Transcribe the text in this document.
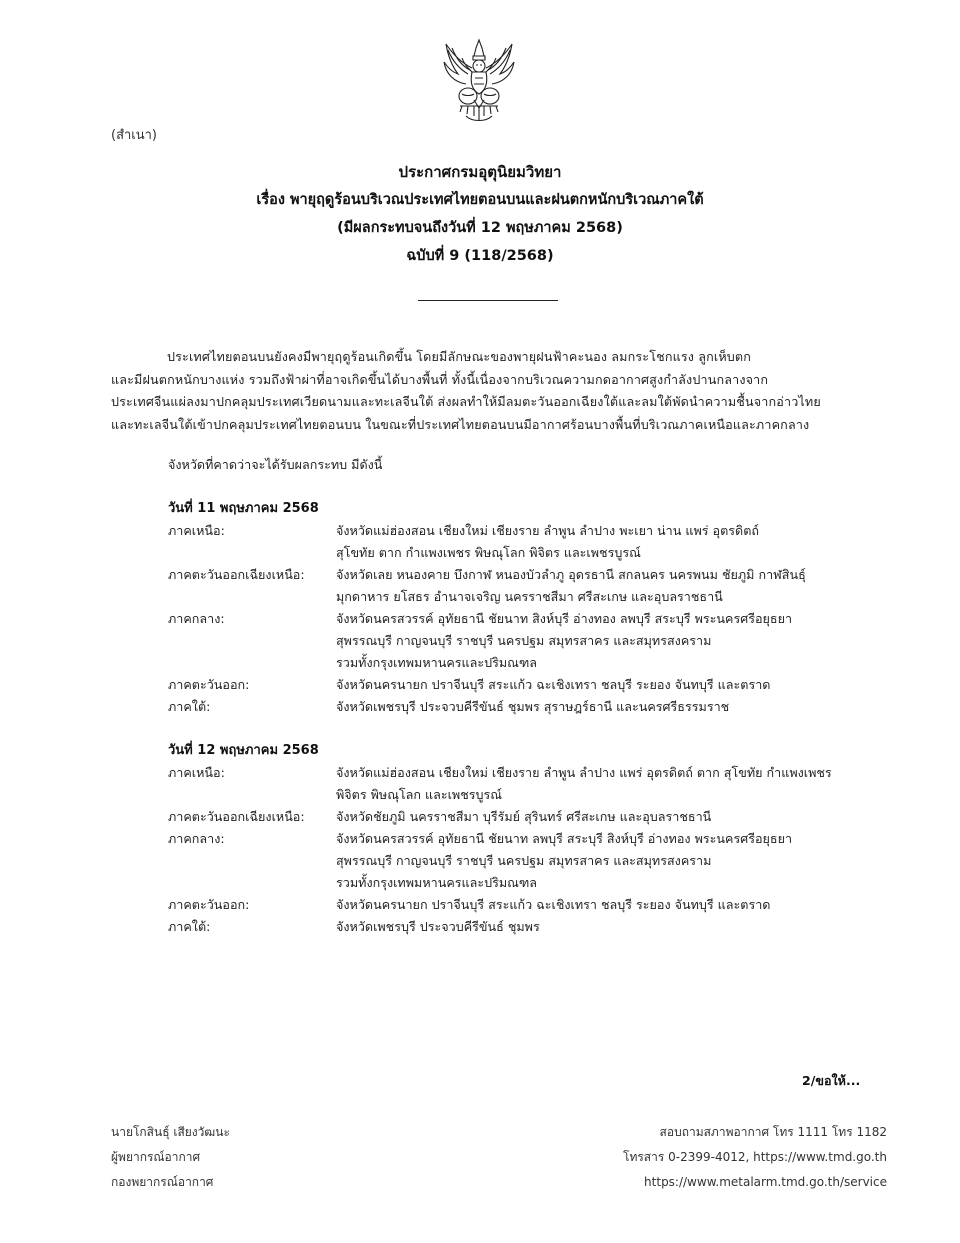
(สำเนา)
ประกาศกรมอุตุนิยมวิทยา
เรื่อง พายุฤดูร้อนบริเวณประเทศไทยตอนบนและฝนตกหนักบริเวณภาคใต้
(มีผลกระทบจนถึงวันที่ 12 พฤษภาคม 2568)
ฉบับที่ 9 (118/2568)
ประเทศไทยตอนบนยังคงมีพายุฤดูร้อนเกิดขึ้น โดยมีลักษณะของพายุฝนฟ้าคะนอง ลมกระโชกแรง ลูกเห็บตก
และมีฝนตกหนักบางแห่ง รวมถึงฟ้าผ่าที่อาจเกิดขึ้นได้บางพื้นที่ ทั้งนี้เนื่องจากบริเวณความกดอากาศสูงกำลังปานกลางจาก
ประเทศจีนแผ่ลงมาปกคลุมประเทศเวียดนามและทะเลจีนใต้ ส่งผลทำให้มีลมตะวันออกเฉียงใต้และลมใต้พัดนำความชื้นจากอ่าวไทย
และทะเลจีนใต้เข้าปกคลุมประเทศไทยตอนบน ในขณะที่ประเทศไทยตอนบนมีอากาศร้อนบางพื้นที่บริเวณภาคเหนือและภาคกลาง
จังหวัดที่คาดว่าจะได้รับผลกระทบ มีดังนี้
วันที่ 11 พฤษภาคม 2568
ภาคเหนือ:	จังหวัดแม่ฮ่องสอน เชียงใหม่ เชียงราย ลำพูน ลำปาง พะเยา น่าน แพร่ อุตรดิตถ์
สุโขทัย ตาก กำแพงเพชร พิษณุโลก พิจิตร และเพชรบูรณ์
ภาคตะวันออกเฉียงเหนือ:	จังหวัดเลย หนองคาย บึงกาฬ หนองบัวลำภู อุดรธานี สกลนคร นครพนม ชัยภูมิ กาฬสินธุ์
มุกดาหาร ยโสธร อำนาจเจริญ นครราชสีมา ศรีสะเกษ และอุบลราชธานี
ภาคกลาง:	จังหวัดนครสวรรค์ อุทัยธานี ชัยนาท สิงห์บุรี อ่างทอง ลพบุรี สระบุรี พระนครศรีอยุธยา
สุพรรณบุรี กาญจนบุรี ราชบุรี นครปฐม สมุทรสาคร และสมุทรสงคราม
รวมทั้งกรุงเทพมหานครและปริมณฑล
ภาคตะวันออก:	จังหวัดนครนายก ปราจีนบุรี สระแก้ว ฉะเชิงเทรา ชลบุรี ระยอง จันทบุรี และตราด
ภาคใต้:	จังหวัดเพชรบุรี ประจวบคีรีขันธ์ ชุมพร สุราษฎร์ธานี และนครศรีธรรมราช
วันที่ 12 พฤษภาคม 2568
ภาคเหนือ:	จังหวัดแม่ฮ่องสอน เชียงใหม่ เชียงราย ลำพูน ลำปาง แพร่ อุตรดิตถ์ ตาก สุโขทัย กำแพงเพชร
พิจิตร พิษณุโลก และเพชรบูรณ์
ภาคตะวันออกเฉียงเหนือ:	จังหวัดชัยภูมิ นครราชสีมา บุรีรัมย์ สุรินทร์ ศรีสะเกษ และอุบลราชธานี
ภาคกลาง:	จังหวัดนครสวรรค์ อุทัยธานี ชัยนาท ลพบุรี สระบุรี สิงห์บุรี อ่างทอง พระนครศรีอยุธยา
สุพรรณบุรี กาญจนบุรี ราชบุรี นครปฐม สมุทรสาคร และสมุทรสงคราม
รวมทั้งกรุงเทพมหานครและปริมณฑล
ภาคตะวันออก:	จังหวัดนครนายก ปราจีนบุรี สระแก้ว ฉะเชิงเทรา ชลบุรี ระยอง จันทบุรี และตราด
ภาคใต้:	จังหวัดเพชรบุรี ประจวบคีรีขันธ์ ชุมพร
2/ขอให้...
นายโกสินธุ์ เสียงวัฒนะ
ผู้พยากรณ์อากาศ
กองพยากรณ์อากาศ
สอบถามสภาพอากาศ โทร 1111 โทร 1182
โทรสาร 0-2399-4012, https://www.tmd.go.th
https://www.metalarm.tmd.go.th/service
